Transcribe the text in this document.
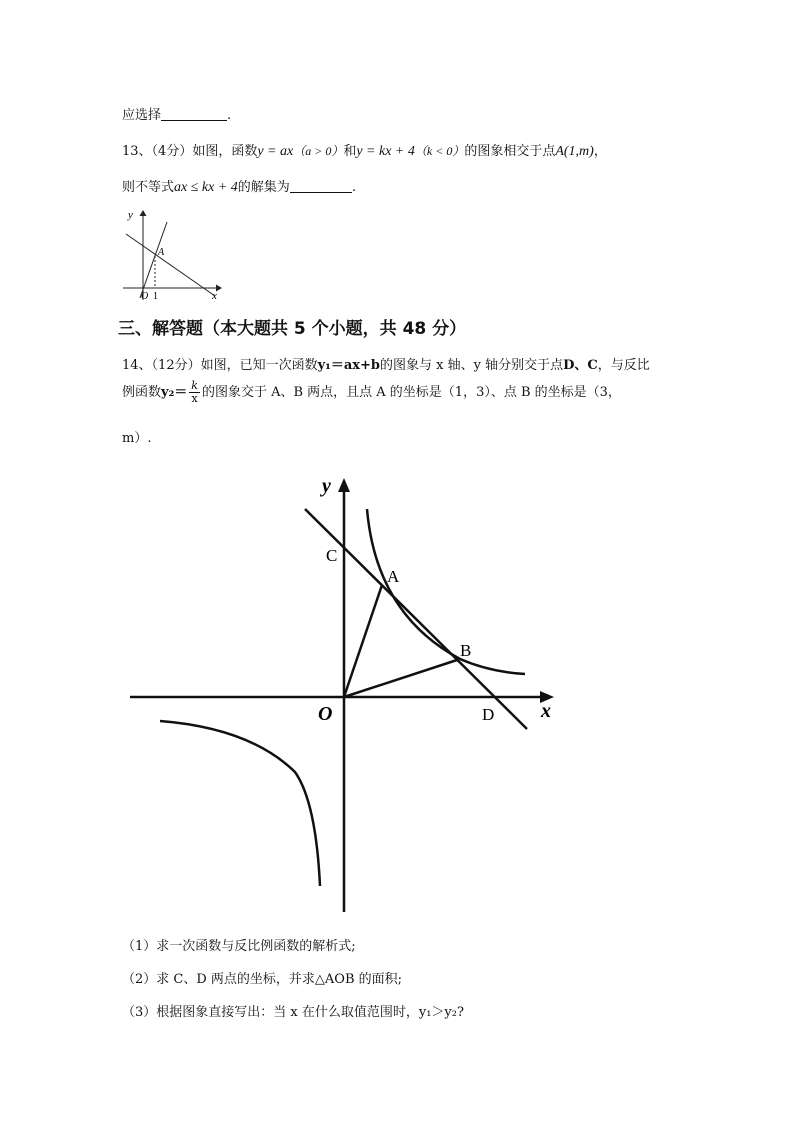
应选择	.
13、（4分）如图，函数y = ax（a > 0）和y = kx + 4（k < 0）的图象相交于点A(1,m)，
则不等式ax ≤ kx + 4的解集为	.
y
x
A
O 1
三、解答题（本大题共 5 个小题，共 48 分）
14、（12分）如图，已知一次函数y₁＝ax+b的图象与 x 轴、y 轴分别交于点D、C，与反比
例函数$y_2= \frac{k}{x}$ 的图象交于 A、B 两点，且点 A 的坐标是（1，3）、点 B 的坐标是（3，
m）.
y
x
O
A
B
C
D
（1）求一次函数与反比例函数的解析式;
（2）求 C、D 两点的坐标，并求△AOB 的面积;
（3）根据图象直接写出：当 x 在什么取值范围时，y₁＞y₂?
